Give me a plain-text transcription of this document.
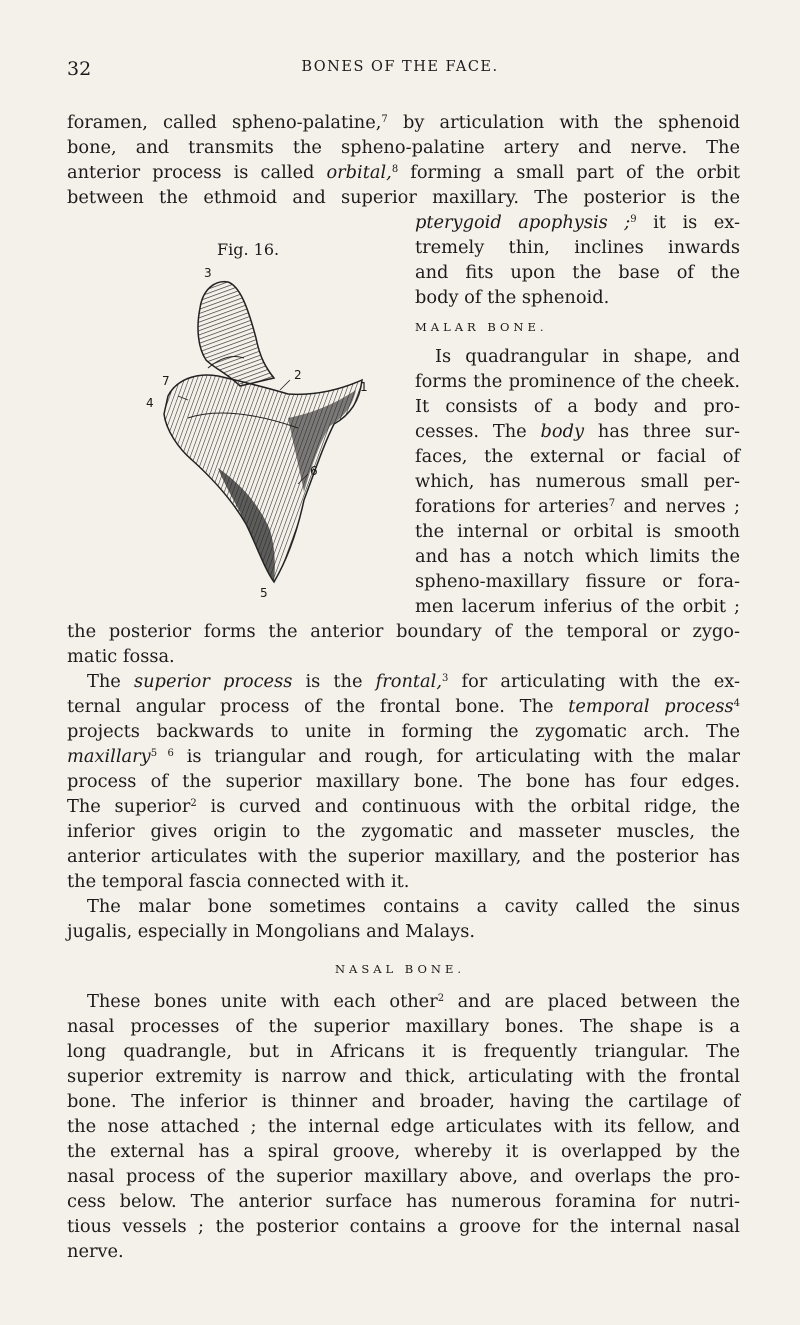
32	BONES OF THE FACE.
foramen, called spheno-palatine,$^7$ by articulation with the sphenoid
bone, and transmits the spheno-palatine artery and nerve. The
anterior process is called orbital,$^8$ forming a small part of the orbit
between the ethmoid and superior maxillary. The posterior is the
pterygoid apophysis ;$^9$ it is ex-
tremely thin, inclines inwards
and fits upon the base of the
body of the sphenoid.
MALAR BONE.
Is quadrangular in shape, and
forms the prominence of the cheek.
It consists of a body and pro-
cesses. The body has three sur-
faces, the external or facial of
which, has numerous small per-
forations for arteries$^7$ and nerves ;
the internal or orbital is smooth
and has a notch which limits the
spheno-maxillary fissure or fora-
men lacerum inferius of the orbit ;
the posterior forms the anterior boundary of the temporal or zygo-
matic fossa.
The superior process is the frontal,$^3$ for articulating with the ex-
ternal angular process of the frontal bone. The temporal process$^4$
projects backwards to unite in forming the zygomatic arch. The
maxillary$^{5 6}$ is triangular and rough, for articulating with the malar
process of the superior maxillary bone. The bone has four edges.
The superior$^2$ is curved and continuous with the orbital ridge, the
inferior gives origin to the zygomatic and masseter muscles, the
anterior articulates with the superior maxillary, and the posterior has
the temporal fascia connected with it.
The malar bone sometimes contains a cavity called the sinus
jugalis, especially in Mongolians and Malays.
NASAL BONE.
These bones unite with each other$^2$ and are placed between the
nasal processes of the superior maxillary bones. The shape is a
long quadrangle, but in Africans it is frequently triangular. The
superior extremity is narrow and thick, articulating with the frontal
bone. The inferior is thinner and broader, having the cartilage of
the nose attached ; the internal edge articulates with its fellow, and
the external has a spiral groove, whereby it is overlapped by the
nasal process of the superior maxillary above, and overlaps the pro-
cess below. The anterior surface has numerous foramina for nutri-
tious vessels ; the posterior contains a groove for the internal nasal
nerve.
Fig. 16.
3
7
4
2
1
6
5
